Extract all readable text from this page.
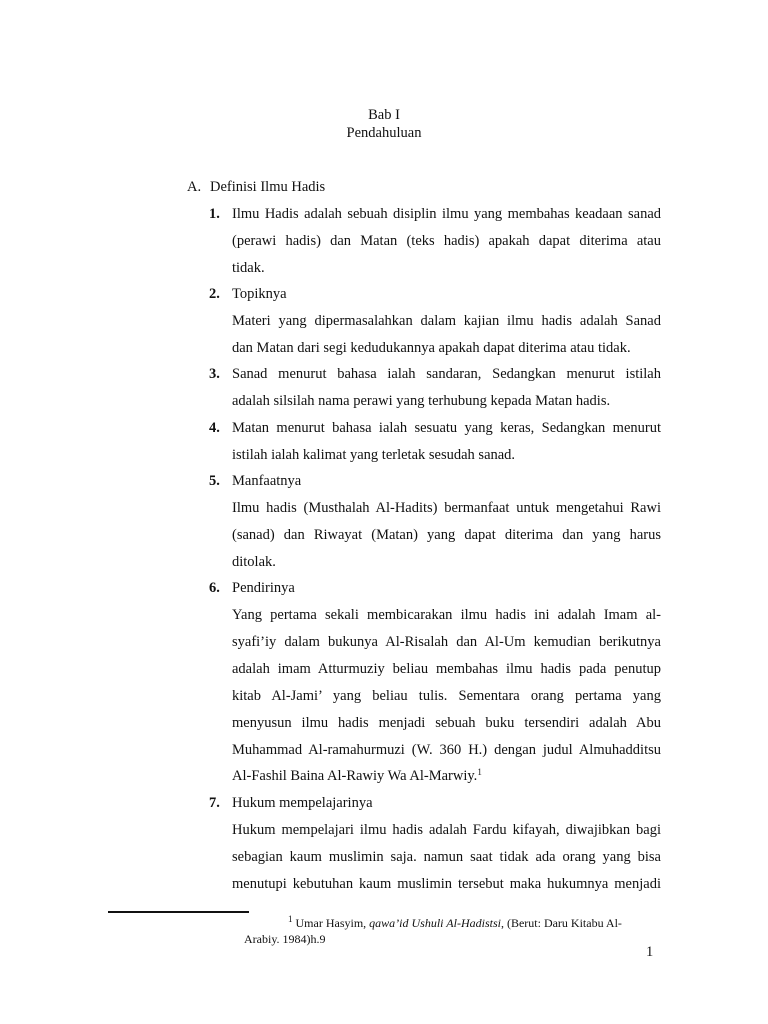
Bab I
Pendahuluan
A. Definisi Ilmu Hadis
1. Ilmu Hadis adalah sebuah disiplin ilmu yang membahas keadaan sanad
(perawi hadis) dan Matan (teks hadis) apakah dapat diterima atau
tidak.
2. Topiknya
Materi yang dipermasalahkan dalam kajian ilmu hadis adalah Sanad
dan Matan dari segi kedudukannya apakah dapat diterima atau tidak.
3. Sanad menurut bahasa ialah sandaran, Sedangkan menurut istilah
adalah silsilah nama perawi yang terhubung kepada Matan hadis.
4. Matan menurut bahasa ialah sesuatu yang keras, Sedangkan menurut
istilah ialah kalimat yang terletak sesudah sanad.
5. Manfaatnya
Ilmu hadis (Musthalah Al-Hadits) bermanfaat untuk mengetahui Rawi
(sanad) dan Riwayat (Matan) yang dapat diterima dan yang harus
ditolak.
6. Pendirinya
Yang pertama sekali membicarakan ilmu hadis ini adalah Imam al-
syafi’iy dalam bukunya Al-Risalah dan Al-Um kemudian berikutnya
adalah imam Atturmuziy beliau membahas ilmu hadis pada penutup
kitab Al-Jami’ yang beliau tulis. Sementara orang pertama yang
menyusun ilmu hadis menjadi sebuah buku tersendiri adalah Abu
Muhammad Al-ramahurmuzi (W. 360 H.) dengan judul Almuhadditsu
Al-Fashil Baina Al-Rawiy Wa Al-Marwiy.$^1$
7. Hukum mempelajarinya
Hukum mempelajari ilmu hadis adalah Fardu kifayah, diwajibkan bagi
sebagian kaum muslimin saja. namun saat tidak ada orang yang bisa
menutupi kebutuhan kaum muslimin tersebut maka hukumnya menjadi
$^1$ Umar Hasyim, qawa’id Ushuli Al-Hadistsi, (Berut: Daru Kitabu Al-
Arabiy. 1984)h.9
1
